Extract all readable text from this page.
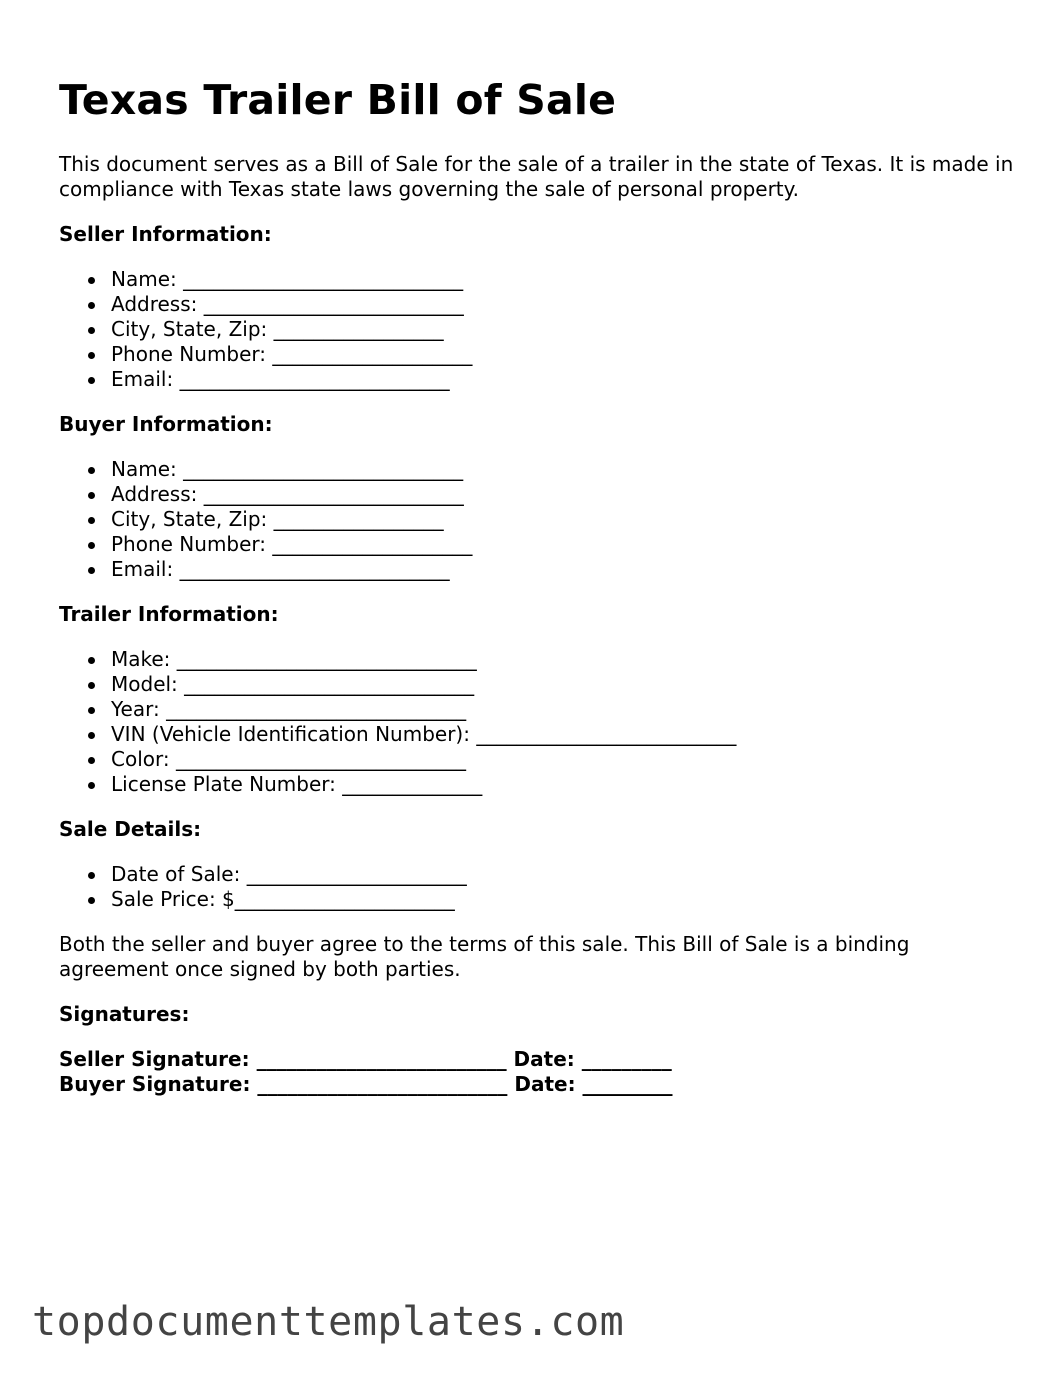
Texas Trailer Bill of Sale

This document serves as a Bill of Sale for the sale of a trailer in the state of Texas. It is made in compliance with Texas state laws governing the sale of personal property.

Seller Information:
Name: ____________________________
Address: __________________________
City, State, Zip: _________________
Phone Number: ____________________
Email: ___________________________
Buyer Information:
Name: ____________________________
Address: __________________________
City, State, Zip: _________________
Phone Number: ____________________
Email: ___________________________
Trailer Information:
Make: ______________________________
Model: _____________________________
Year: ______________________________
VIN (Vehicle Identification Number): __________________________
Color: _____________________________
License Plate Number: ______________
Sale Details:
Date of Sale: ______________________
Sale Price: $______________________

Both the seller and buyer agree to the terms of this sale. This Bill of Sale is a binding agreement once signed by both parties.

Signatures:
Seller Signature: _________________________ Date: _________
Buyer Signature: _________________________ Date: _________
topdocumenttemplates.com
